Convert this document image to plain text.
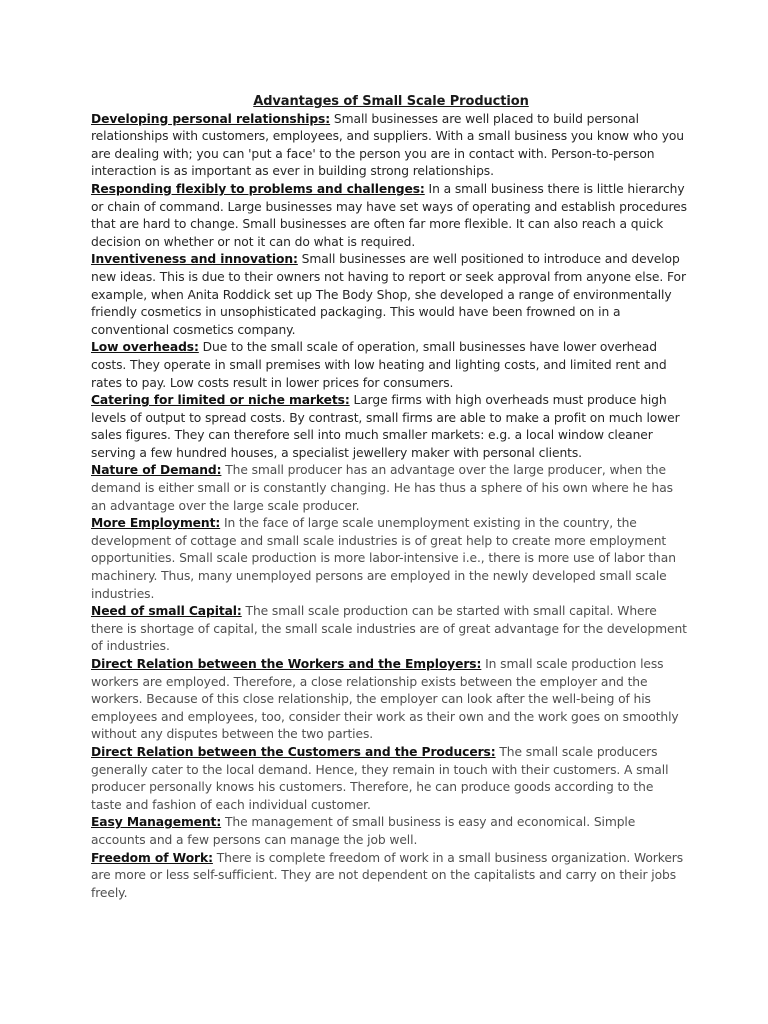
Advantages of Small Scale Production

Developing personal relationships: Small businesses are well placed to build personal relationships with customers, employees, and suppliers. With a small business you know who you are dealing with; you can 'put a face' to the person you are in contact with. Person-to-person interaction is as important as ever in building strong relationships.

Responding flexibly to problems and challenges: In a small business there is little hierarchy or chain of command. Large businesses may have set ways of operating and establish procedures that are hard to change. Small businesses are often far more flexible. It can also reach a quick decision on whether or not it can do what is required.

Inventiveness and innovation: Small businesses are well positioned to introduce and develop new ideas. This is due to their owners not having to report or seek approval from anyone else. For example, when Anita Roddick set up The Body Shop, she developed a range of environmentally friendly cosmetics in unsophisticated packaging. This would have been frowned on in a conventional cosmetics company.

Low overheads: Due to the small scale of operation, small businesses have lower overhead costs. They operate in small premises with low heating and lighting costs, and limited rent and rates to pay. Low costs result in lower prices for consumers.

Catering for limited or niche markets: Large firms with high overheads must produce high levels of output to spread costs. By contrast, small firms are able to make a profit on much lower sales figures. They can therefore sell into much smaller markets: e.g. a local window cleaner serving a few hundred houses, a specialist jewellery maker with personal clients.

Nature of Demand: The small producer has an advantage over the large producer, when the demand is either small or is constantly changing. He has thus a sphere of his own where he has an advantage over the large scale producer.

More Employment: In the face of large scale unemployment existing in the country, the development of cottage and small scale industries is of great help to create more employment opportunities. Small scale production is more labor-intensive i.e., there is more use of labor than machinery. Thus, many unemployed persons are employed in the newly developed small scale industries.

Need of small Capital: The small scale production can be started with small capital. Where there is shortage of capital, the small scale industries are of great advantage for the development of industries.

Direct Relation between the Workers and the Employers: In small scale production less workers are employed. Therefore, a close relationship exists between the employer and the workers. Because of this close relationship, the employer can look after the well-being of his employees and employees, too, consider their work as their own and the work goes on smoothly without any disputes between the two parties.

Direct Relation between the Customers and the Producers: The small scale producers generally cater to the local demand. Hence, they remain in touch with their customers. A small producer personally knows his customers. Therefore, he can produce goods according to the taste and fashion of each individual customer.

Easy Management: The management of small business is easy and economical. Simple accounts and a few persons can manage the job well.

Freedom of Work: There is complete freedom of work in a small business organization. Workers are more or less self-sufficient. They are not dependent on the capitalists and carry on their jobs freely.
